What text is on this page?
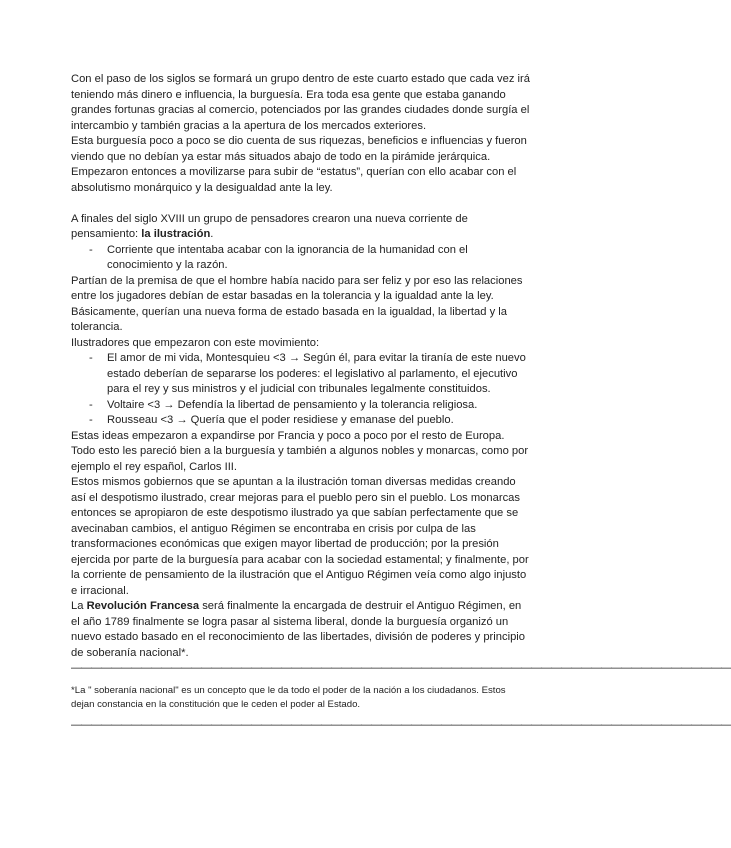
Con el paso de los siglos se formará un grupo dentro de este cuarto estado que cada vez irá teniendo más dinero e influencia, la burguesía. Era toda esa gente que estaba ganando grandes fortunas gracias al comercio, potenciados por las grandes ciudades donde surgía el intercambio y también gracias a la apertura de los mercados exteriores.

Esta burguesía poco a poco se dio cuenta de sus riquezas, beneficios e influencias y fueron viendo que no debían ya estar más situados abajo de todo en la pirámide jerárquica.

Empezaron entonces a movilizarse para subir de “estatus”, querían con ello acabar con el absolutismo monárquico y la desigualdad ante la ley.

A finales del siglo XVIII un grupo de pensadores crearon una nueva corriente de pensamiento: la ilustración.

- Corriente que intentaba acabar con la ignorancia de la humanidad con el conocimiento y la razón.

Partían de la premisa de que el hombre había nacido para ser feliz y por eso las relaciones entre los jugadores debían de estar basadas en la tolerancia y la igualdad ante la ley.

Básicamente, querían una nueva forma de estado basada en la igualdad, la libertad y la tolerancia.

Ilustradores que empezaron con este movimiento:

- El amor de mi vida, Montesquieu <3 → Según él, para evitar la tiranía de este nuevo estado deberían de separarse los poderes: el legislativo al parlamento, el ejecutivo para el rey y sus ministros y el judicial con tribunales legalmente constituidos.
- Voltaire <3 → Defendía la libertad de pensamiento y la tolerancia religiosa.
- Rousseau <3 → Quería que el poder residiese y emanase del pueblo.

Estas ideas empezaron a expandirse por Francia y poco a poco por el resto de Europa. Todo esto les pareció bien a la burguesía y también a algunos nobles y monarcas, como por ejemplo el rey español, Carlos III.

Estos mismos gobiernos que se apuntan a la ilustración toman diversas medidas creando así el despotismo ilustrado, crear mejoras para el pueblo pero sin el pueblo. Los monarcas entonces se apropiaron de este despotismo ilustrado ya que sabían perfectamente que se avecinaban cambios, el antiguo Régimen se encontraba en crisis por culpa de las transformaciones económicas que exigen mayor libertad de producción; por la presión ejercida por parte de la burguesía para acabar con la sociedad estamental; y finalmente, por la corriente de pensamiento de la ilustración que el Antiguo Régimen veía como algo injusto e irracional.

La Revolución Francesa será finalmente la encargada de destruir el Antiguo Régimen, en el año 1789 finalmente se logra pasar al sistema liberal, donde la burguesía organizó un nuevo estado basado en el reconocimiento de las libertades, división de poderes y principio de soberanía nacional*.

——————————————————————————————————————————————————————————————————

*La " soberanía nacional" es un concepto que le da todo el poder de la nación a los ciudadanos. Estos dejan constancia en la constitución que le ceden el poder al Estado.

——————————————————————————————————————————————————————————————————
